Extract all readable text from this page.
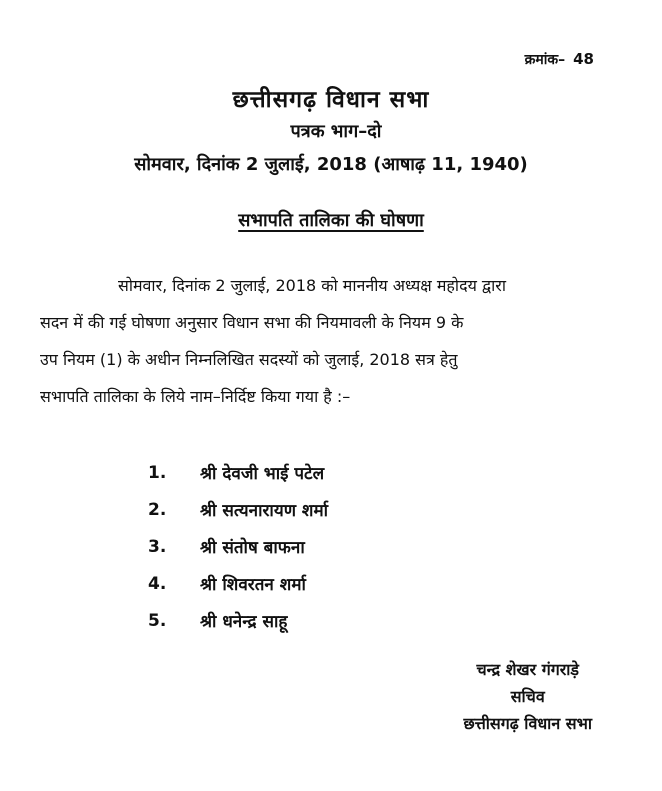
क्रमांक– 48
छत्तीसगढ़ विधान सभा
पत्रक भाग–दो
सोमवार, दिनांक 2 जुलाई, 2018 (आषाढ़ 11, 1940)
सभापति तालिका की घोषणा
सोमवार, दिनांक 2 जुलाई, 2018 को माननीय अध्यक्ष महोदय द्वारा
सदन में की गई घोषणा अनुसार विधान सभा की नियमावली के नियम 9 के
उप नियम (1) के अधीन निम्नलिखित सदस्यों को जुलाई, 2018 सत्र हेतु
सभापति तालिका के लिये नाम–निर्दिष्ट किया गया है :–
1.	श्री देवजी भाई पटेल
2.	श्री सत्यनारायण शर्मा
3.	श्री संतोष बाफना
4.	श्री शिवरतन शर्मा
5.	श्री धनेन्द्र साहू
चन्द्र शेखर गंगराड़े
सचिव
छत्तीसगढ़ विधान सभा
